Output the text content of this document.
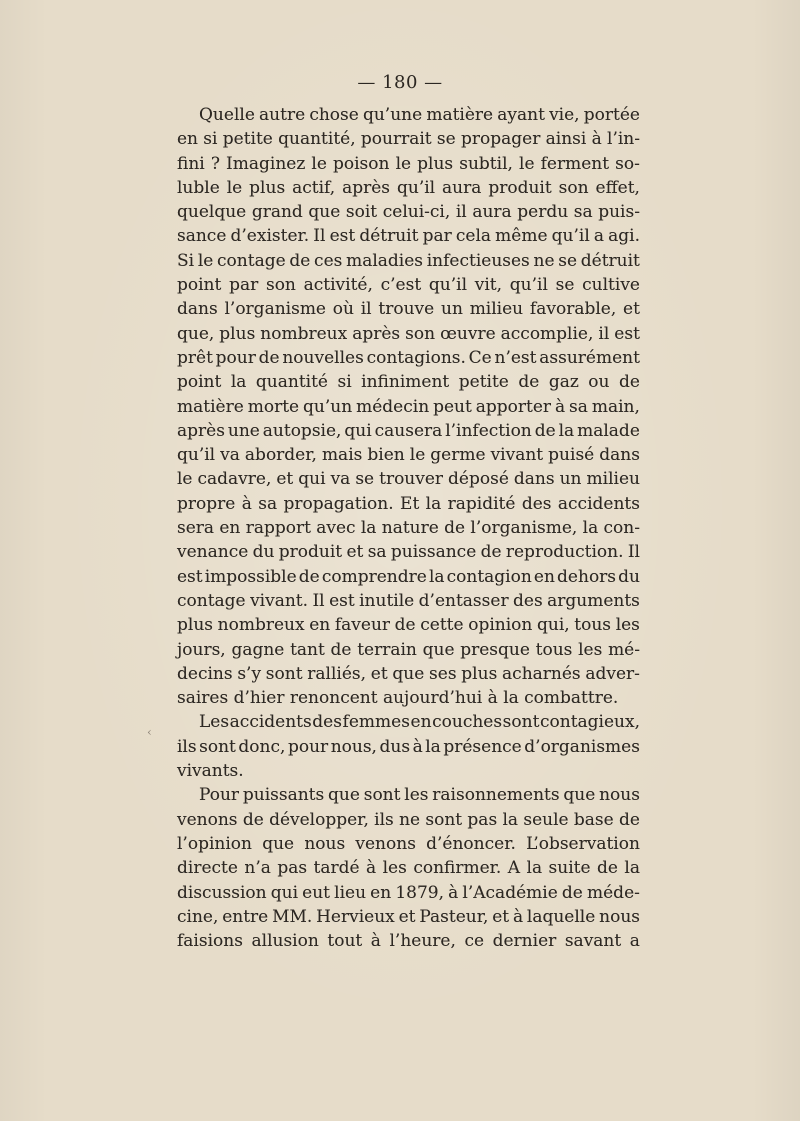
— 180 —
Quelle autre chose qu’une matière ayant vie, portée
en si petite quantité, pourrait se propager ainsi à l’in-
fini ? Imaginez le poison le plus subtil, le ferment so-
luble le plus actif, après qu’il aura produit son effet,
quelque grand que soit celui-ci, il aura perdu sa puis-
sance d’exister. Il est détruit par cela même qu’il a agi.
Si le contage de ces maladies infectieuses ne se détruit
point par son activité, c’est qu’il vit, qu’il se cultive
dans l’organisme où il trouve un milieu favorable, et
que, plus nombreux après son œuvre accomplie, il est
prêt pour de nouvelles contagions. Ce n’est assurément
point la quantité si infiniment petite de gaz ou de
matière morte qu’un médecin peut apporter à sa main,
après une autopsie, qui causera l’infection de la malade
qu’il va aborder, mais bien le germe vivant puisé dans
le cadavre, et qui va se trouver déposé dans un milieu
propre à sa propagation. Et la rapidité des accidents
sera en rapport avec la nature de l’organisme, la con-
venance du produit et sa puissance de reproduction. Il
est impossible de comprendre la contagion en dehors du
contage vivant. Il est inutile d’entasser des arguments
plus nombreux en faveur de cette opinion qui, tous les
jours, gagne tant de terrain que presque tous les mé-
decins s’y sont ralliés, et que ses plus acharnés adver-
saires d’hier renoncent aujourd’hui à la combattre.
Les accidents des femmes en couches sont contagieux,
ils sont donc, pour nous, dus à la présence d’organismes
vivants.
Pour puissants que sont les raisonnements que nous
venons de développer, ils ne sont pas la seule base de
l’opinion que nous venons d’énoncer. L’observation
directe n’a pas tardé à les confirmer. A la suite de la
discussion qui eut lieu en 1879, à l’Académie de méde-
cine, entre MM. Hervieux et Pasteur, et à laquelle nous
faisions allusion tout à l’heure, ce dernier savant a
‹
